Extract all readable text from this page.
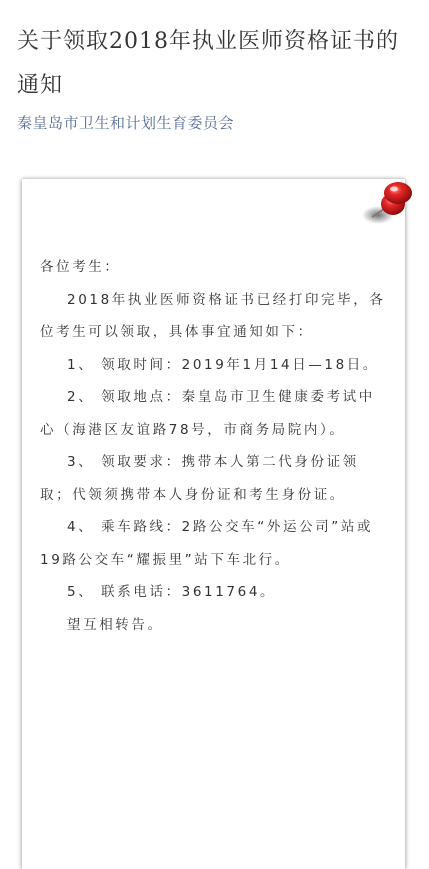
关于领取2018年执业医师资格证书的通知
秦皇岛市卫生和计划生育委员会

各位考生：

2018年执业医师资格证书已经打印完毕，各位考生可以领取，具体事宜通知如下：

1、 领取时间：2019年1月14日—18日。

2、 领取地点：秦皇岛市卫生健康委考试中心（海港区友谊路78号，市商务局院内）。

3、 领取要求：携带本人第二代身份证领取；代领须携带本人身份证和考生身份证。

4、 乘车路线：2路公交车“外运公司”站或19路公交车“耀振里”站下车北行。

5、 联系电话：3611764。

望互相转告。
